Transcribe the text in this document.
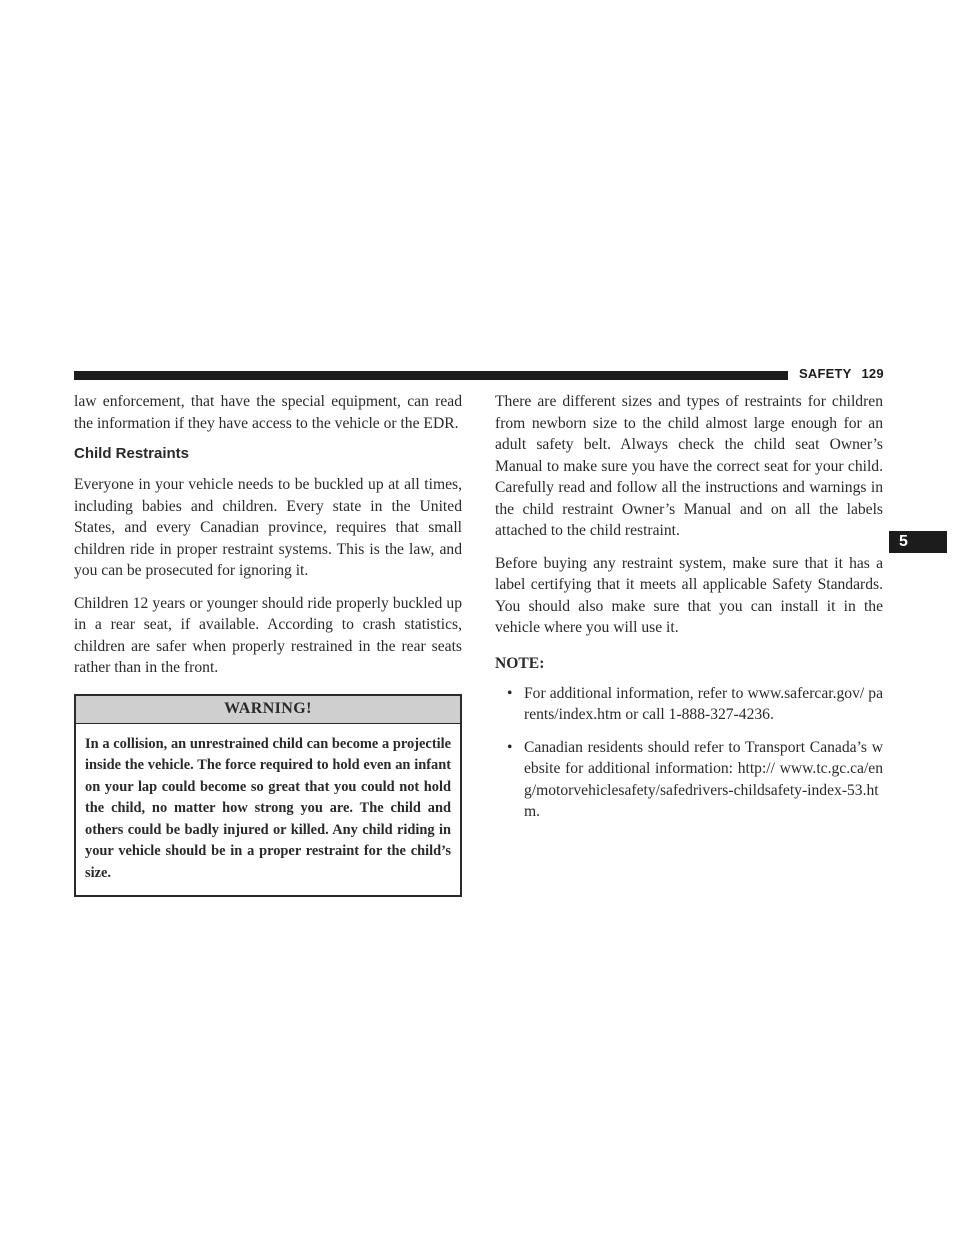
SAFETY 129
5

law enforcement, that have the special equipment, can read the information if they have access to the vehicle or the EDR.

Child Restraints

Everyone in your vehicle needs to be buckled up at all times, including babies and children. Every state in the United States, and every Canadian province, requires that small children ride in proper restraint systems. This is the law, and you can be prosecuted for ignoring it.

Children 12 years or younger should ride properly buckled up in a rear seat, if available. According to crash statistics, children are safer when properly restrained in the rear seats rather than in the front.

WARNING!
In a collision, an unrestrained child can become a projectile inside the vehicle. The force required to hold even an infant on your lap could become so great that you could not hold the child, no matter how strong you are. The child and others could be badly injured or killed. Any child riding in your vehicle should be in a proper restraint for the child’s size.

There are different sizes and types of restraints for children from newborn size to the child almost large enough for an adult safety belt. Always check the child seat Owner’s Manual to make sure you have the correct seat for your child. Carefully read and follow all the instructions and warnings in the child restraint Owner’s Manual and on all the labels attached to the child restraint.

Before buying any restraint system, make sure that it has a label certifying that it meets all applicable Safety Standards. You should also make sure that you can install it in the vehicle where you will use it.

NOTE:
• For additional information, refer to www.safercar.gov/ parents/index.htm or call 1-888-327-4236.
• Canadian residents should refer to Transport Canada’s website for additional information: http:// www.tc.gc.ca/eng/motorvehiclesafety/safedrivers-childsafety-index-53.htm.
